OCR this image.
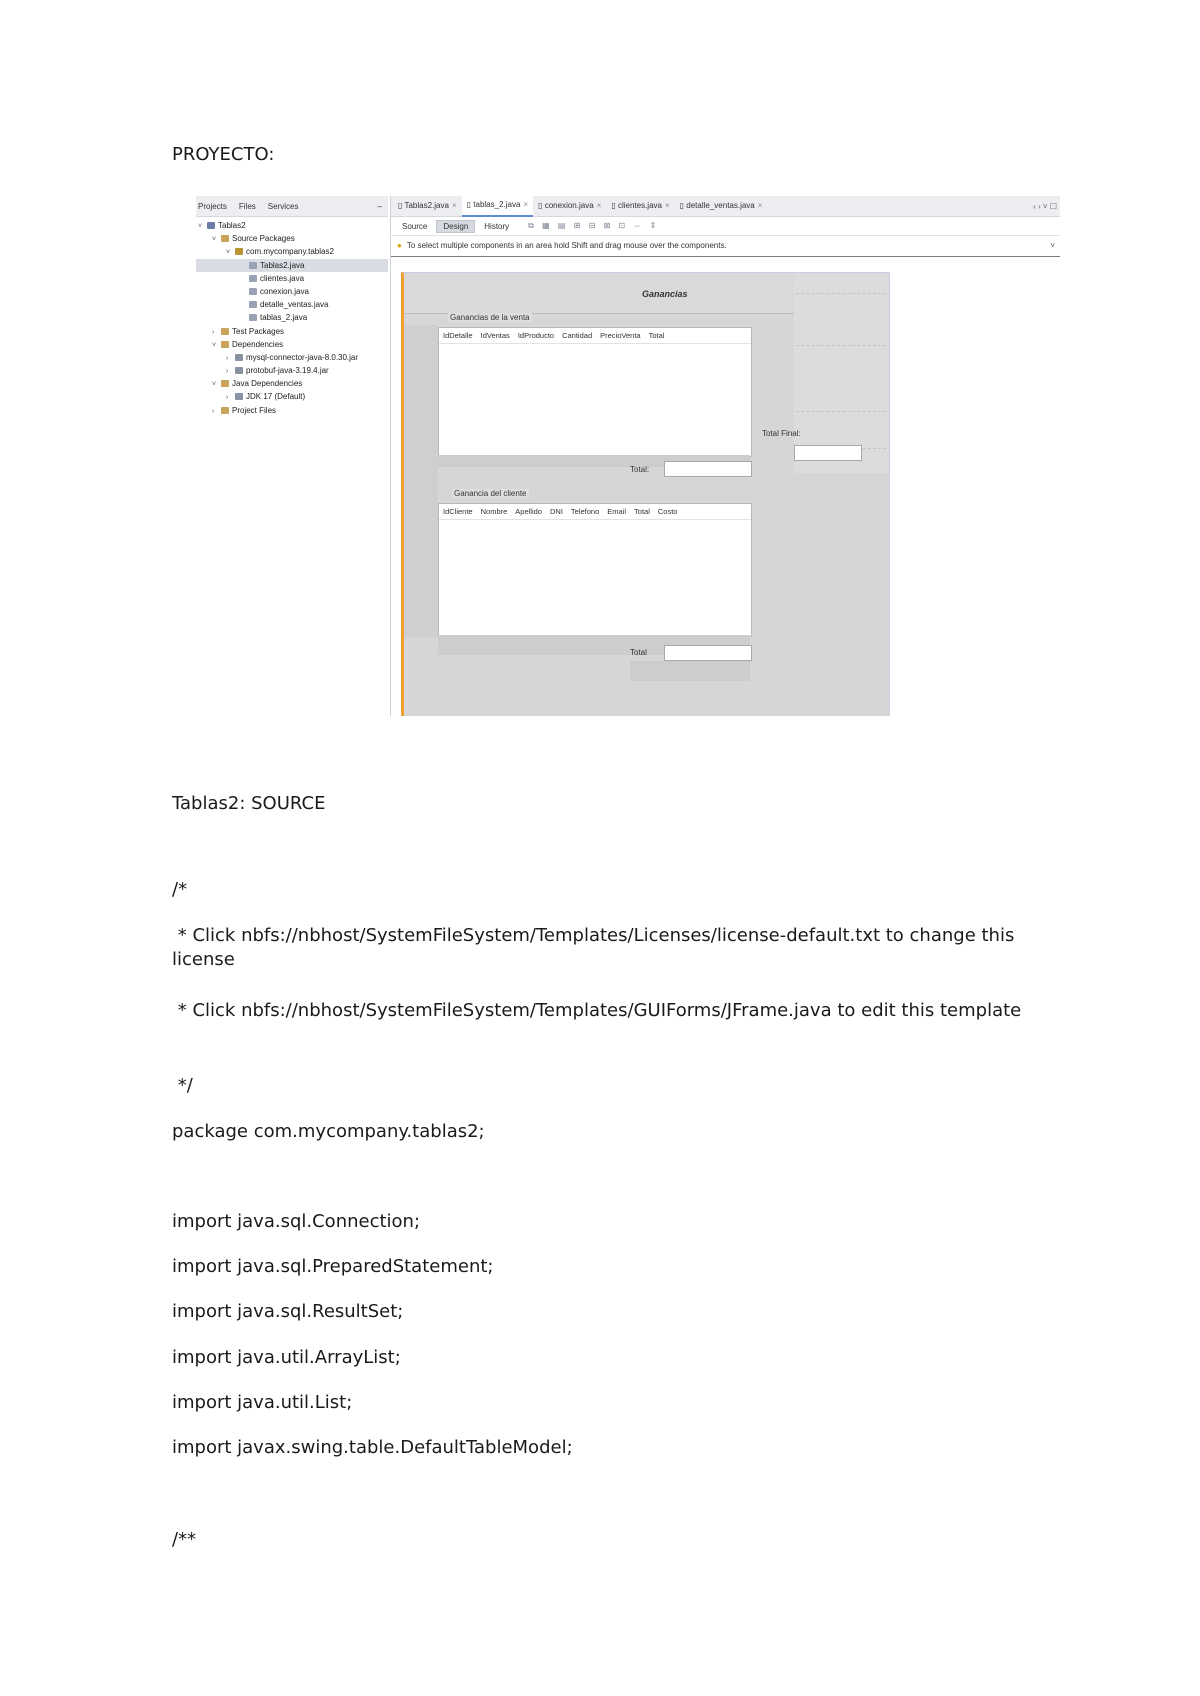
PROYECTO:
Projects Files Services	–
˅ Tablas2
˅ Source Packages
˅ com.mycompany.tablas2
Tablas2.java
clientes.java
conexion.java
detalle_ventas.java
tablas_2.java
› Test Packages
˅ Dependencies
› mysql-connector-java-8.0.30.jar
› protobuf-java-3.19.4.jar
˅ Java Dependencies
› JDK 17 (Default)
› Project Files
▯ Tablas2.java ×	▯ tablas_2.java ×	▯ conexion.java ×	▯ clientes.java ×	▯ detalle_ventas.java ×	‹ › ˅ ☐
Source	Design	History	⧉ ▦ ▤ ⊞ ⊟ ⊠ ⊡ ⇔ ⇕
● To select multiple components in an area hold Shift and drag mouse over the components.	˅
Ganancias
Ganancias de la venta
IdDetalle	IdVentas	IdProducto	Cantidad	PrecioVenta	Total
Total Final:
Total:
Ganancia del cliente
IdCliente	Nombre	Apellido	DNI	Telefono	Email	Total	Costo
Total
Tablas2: SOURCE
/*
* Click nbfs://nbhost/SystemFileSystem/Templates/Licenses/license-default.txt to change this license
* Click nbfs://nbhost/SystemFileSystem/Templates/GUIForms/JFrame.java to edit this template
*/
package com.mycompany.tablas2;
import java.sql.Connection;
import java.sql.PreparedStatement;
import java.sql.ResultSet;
import java.util.ArrayList;
import java.util.List;
import javax.swing.table.DefaultTableModel;
/**
